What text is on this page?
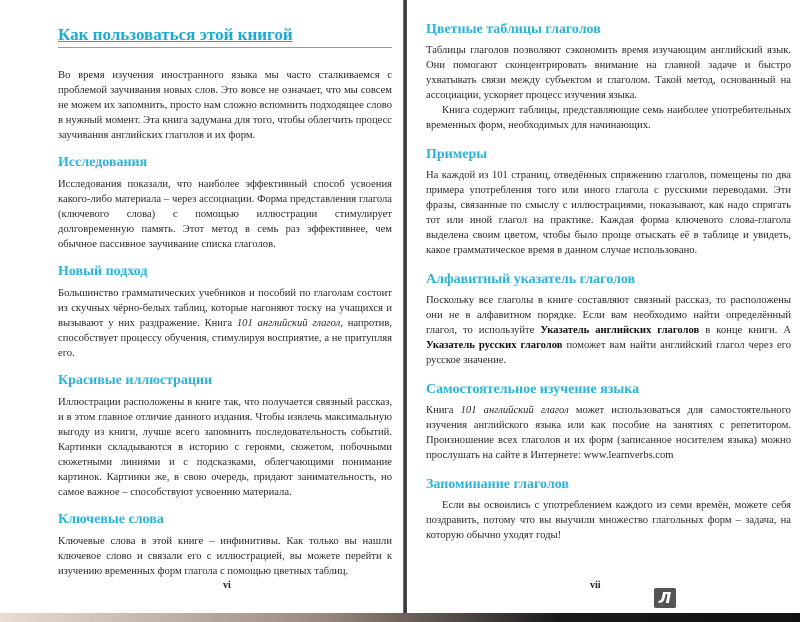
Как пользоваться этой книгой

Во время изучения иностранного языка мы часто сталкиваемся с проблемой заучивания новых слов. Это вовсе не означает, что мы совсем не можем их запомнить, просто нам сложно вспомнить подходящее слово в нужный момент. Эта книга задумана для того, чтобы облегчить процесс заучивания английских глаголов и их форм.

Исследования

Исследования показали, что наиболее эффективный способ усвоения какого-либо материала – через ассоциации. Форма представления глагола (ключевого слова) с помощью иллюстрации стимулирует долговременную память. Этот метод в семь раз эффективнее, чем обычное пассивное заучивание списка глаголов.

Новый подход

Большинство грамматических учебников и пособий по глаголам состоит из скучных чёрно-белых таблиц, которые нагоняют тоску на учащихся и вызывают у них раздражение. Книга 101 английский глагол, напротив, способствует процессу обучения, стимулируя восприятие, а не притупляя его.

Красивые иллюстрации

Иллюстрации расположены в книге так, что получается связный рассказ, и в этом главное отличие данного издания. Чтобы извлечь максимальную выгоду из книги, лучше всего запомнить последовательность событий. Картинки складываются в историю с героями, сюжетом, побочными сюжетными линиями и с подсказками, облегчающими понимание картинок. Картинки же, в свою очередь, придают занимательность, но самое важное – способствуют усвоению материала.

Ключевые слова

Ключевые слова в этой книге – инфинитивы. Как только вы нашли ключевое слово и связали его с иллюстрацией, вы можете перейти к изучению временных форм глагола с помощью цветных таблиц.

vi
Цветные таблицы глаголов

Таблицы глаголов позволяют сэкономить время изучающим английский язык. Они помогают сконцентрировать внимание на главной задаче и быстро ухватывать связи между субъектом и глаголом. Такой метод, основанный на ассоциации, ускоряет процесс изучения языка.

Книга содержит таблицы, представляющие семь наиболее употребительных временных форм, необходимых для начинающих.

Примеры

На каждой из 101 страниц, отведённых спряжению глаголов, помещены по два примера употребления того или иного глагола с русскими переводами. Эти фразы, связанные по смыслу с иллюстрациями, показывают, как надо спрягать тот или иной глагол на практике. Каждая форма ключевого слова-глагола выделена своим цветом, чтобы было проще отыскать её в таблице и увидеть, какое грамматическое время в данном случае использовано.

Алфавитный указатель глаголов

Поскольку все глаголы в книге составляют связный рассказ, то расположены они не в алфавитном порядке. Если вам необходимо найти определённый глагол, то используйте Указатель английских глаголов в конце книги. А Указатель русских глаголов поможет вам найти английский глагол через его русское значение.

Самостоятельное изучение языка

Книга 101 английский глагол может использоваться для самостоятельного изучения английского языка или как пособие на занятиях с репетитором. Произношение всех глаголов и их форм (записанное носителем языка) можно прослушать на сайте в Интернете: www.learnverbs.com

Запоминание глаголов

Если вы освоились с употреблением каждого из семи времён, можете себя поздравить, потому что вы выучили множество глагольных форм – задача, на которую обычно уходят годы!

vii
Л
